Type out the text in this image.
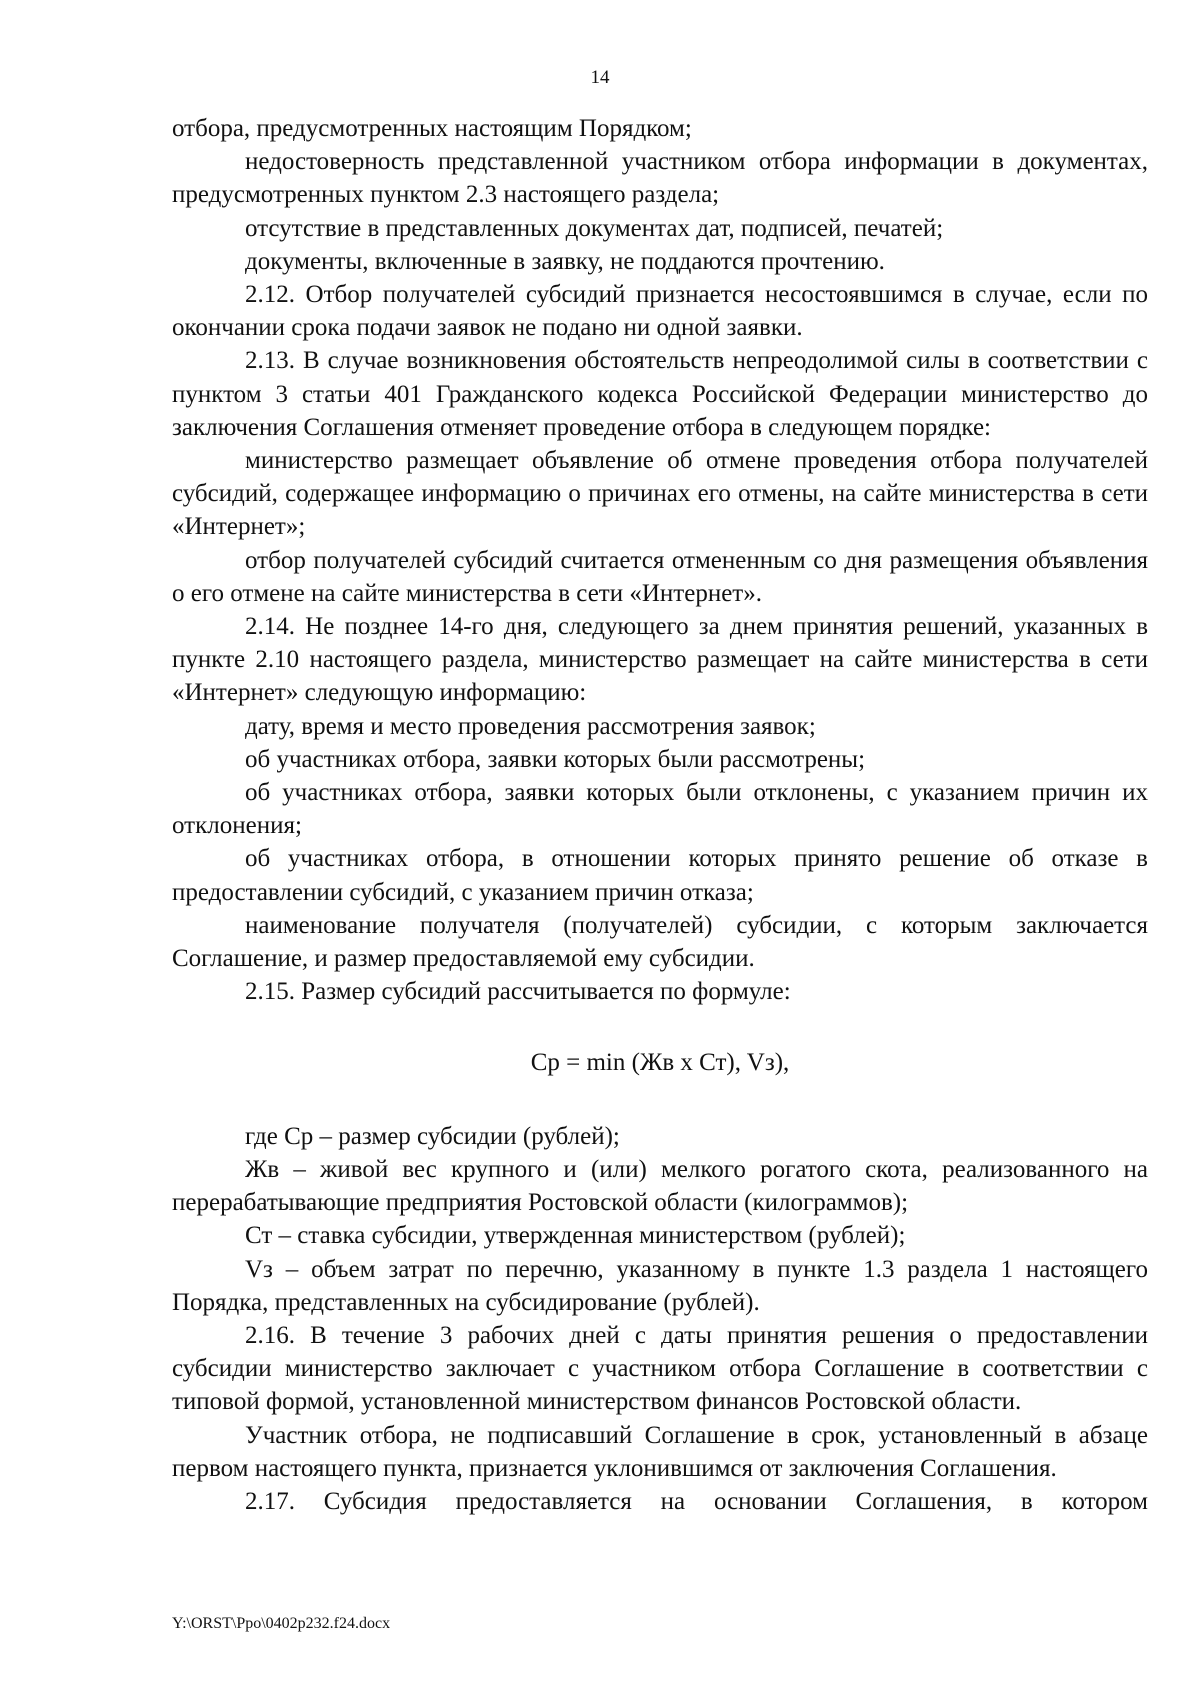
14

отбора, предусмотренных настоящим Порядком;

недостоверность представленной участником отбора информации в документах, предусмотренных пунктом 2.3 настоящего раздела;

отсутствие в представленных документах дат, подписей, печатей;

документы, включенные в заявку, не поддаются прочтению.

2.12. Отбор получателей субсидий признается несостоявшимся в случае, если по окончании срока подачи заявок не подано ни одной заявки.

2.13. В случае возникновения обстоятельств непреодолимой силы в соответствии с пунктом 3 статьи 401 Гражданского кодекса Российской Федерации министерство до заключения Соглашения отменяет проведение отбора в следующем порядке:

министерство размещает объявление об отмене проведения отбора получателей субсидий, содержащее информацию о причинах его отмены, на сайте министерства в сети «Интернет»;

отбор получателей субсидий считается отмененным со дня размещения объявления о его отмене на сайте министерства в сети «Интернет».

2.14. Не позднее 14-го дня, следующего за днем принятия решений, указанных в пункте 2.10 настоящего раздела, министерство размещает на сайте министерства в сети «Интернет» следующую информацию:

дату, время и место проведения рассмотрения заявок;

об участниках отбора, заявки которых были рассмотрены;

об участниках отбора, заявки которых были отклонены, с указанием причин их отклонения;

об участниках отбора, в отношении которых принято решение об отказе в предоставлении субсидий, с указанием причин отказа;

наименование получателя (получателей) субсидии, с которым заключается Соглашение, и размер предоставляемой ему субсидии.

2.15. Размер субсидий рассчитывается по формуле:

Ср = min (Жв х Ст), Vз),

где Ср – размер субсидии (рублей);

Жв – живой вес крупного и (или) мелкого рогатого скота, реализованного на перерабатывающие предприятия Ростовской области (килограммов);

Ст – ставка субсидии, утвержденная министерством (рублей);

Vз – объем затрат по перечню, указанному в пункте 1.3 раздела 1 настоящего Порядка, представленных на субсидирование (рублей).

2.16. В течение 3 рабочих дней с даты принятия решения о предоставлении субсидии министерство заключает с участником отбора Соглашение в соответствии с типовой формой, установленной министерством финансов Ростовской области.

Участник отбора, не подписавший Соглашение в срок, установленный в абзаце первом настоящего пункта, признается уклонившимся от заключения Соглашения.

2.17. Субсидия предоставляется на основании Соглашения, в котором

Y:\ORST\Ppo\0402p232.f24.docx
